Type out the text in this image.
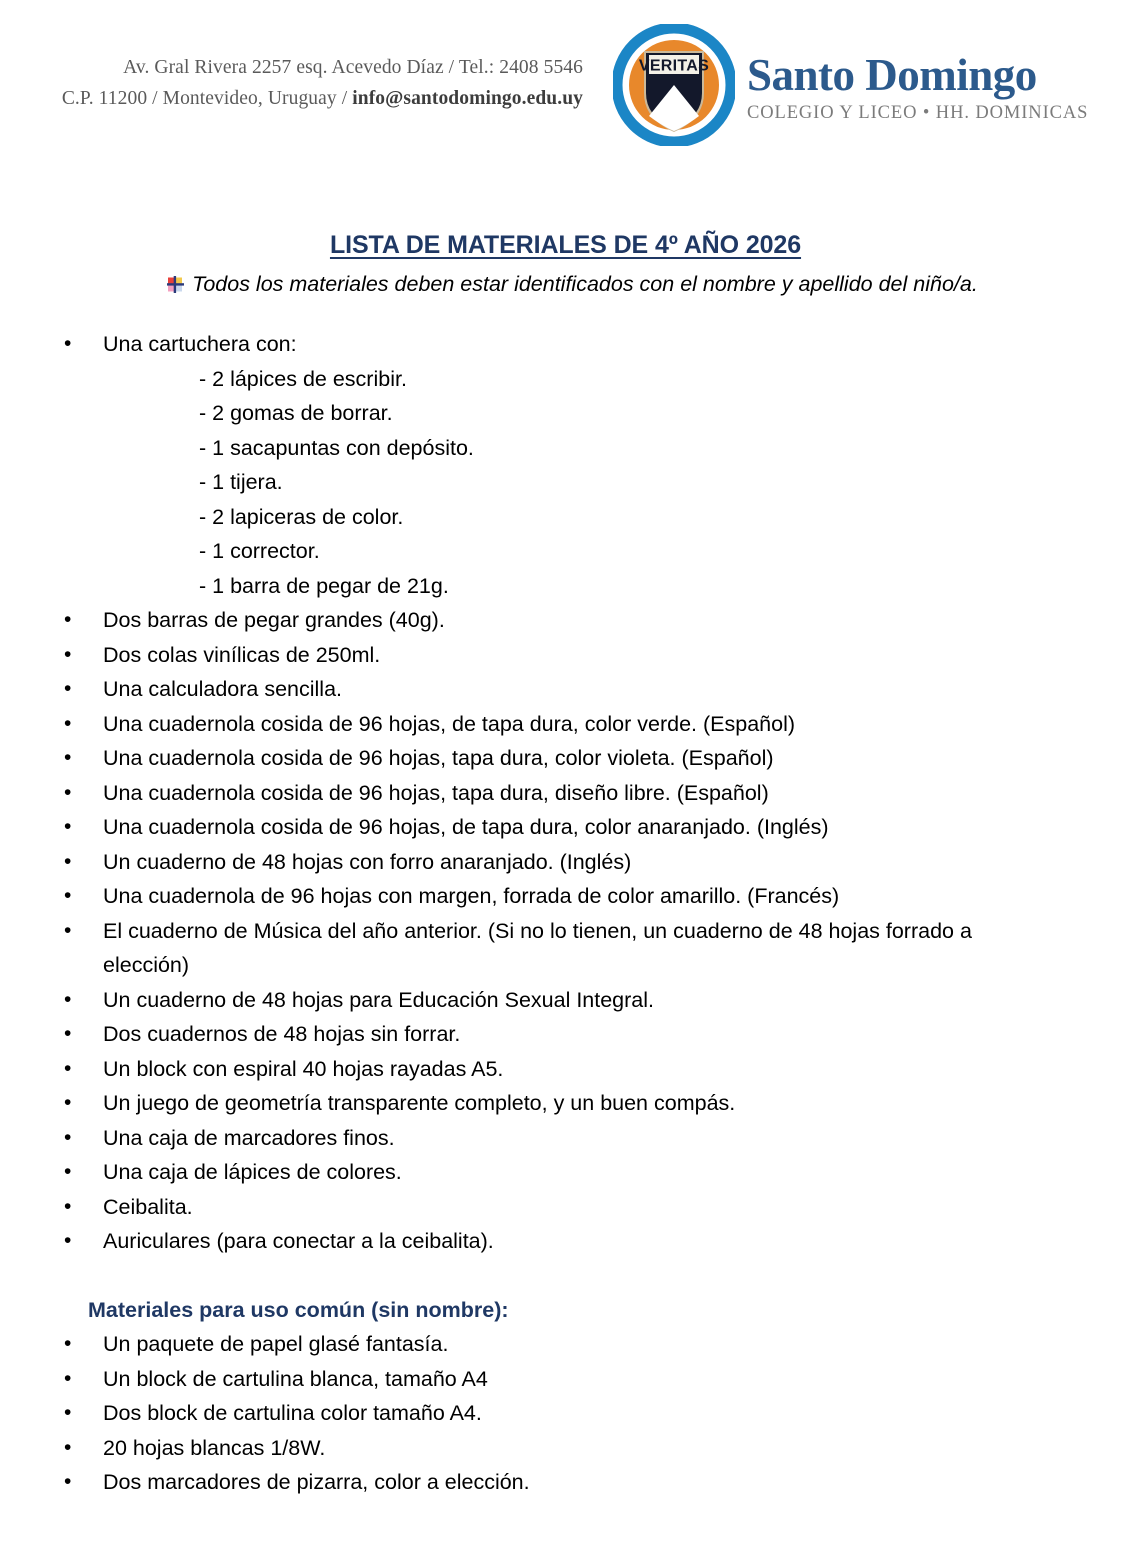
Av. Gral Rivera 2257 esq. Acevedo Díaz / Tel.: 2408 5546
C.P. 11200 / Montevideo, Uruguay / info@santodomingo.edu.uy
VERITAS Santo Domingo
COLEGIO Y LICEO • HH. DOMINICAS
LISTA DE MATERIALES DE 4º AÑO 2026
Todos los materiales deben estar identificados con el nombre y apellido del niño/a.
•	Una cartuchera con:
- 2 lápices de escribir.
- 2 gomas de borrar.
- 1 sacapuntas con depósito.
- 1 tijera.
- 2 lapiceras de color.
- 1 corrector.
- 1 barra de pegar de 21g.
•	Dos barras de pegar grandes (40g).
•	Dos colas vinílicas de 250ml.
•	Una calculadora sencilla.
•	Una cuadernola cosida de 96 hojas, de tapa dura, color verde. (Español)
•	Una cuadernola cosida de 96 hojas, tapa dura, color violeta. (Español)
•	Una cuadernola cosida de 96 hojas, tapa dura, diseño libre. (Español)
•	Una cuadernola cosida de 96 hojas, de tapa dura, color anaranjado. (Inglés)
•	Un cuaderno de 48 hojas con forro anaranjado. (Inglés)
•	Una cuadernola de 96 hojas con margen, forrada de color amarillo. (Francés)
•	El cuaderno de Música del año anterior. (Si no lo tienen, un cuaderno de 48 hojas forrado a elección)
•	Un cuaderno de 48 hojas para Educación Sexual Integral.
•	Dos cuadernos de 48 hojas sin forrar.
•	Un block con espiral 40 hojas rayadas A5.
•	Un juego de geometría transparente completo, y un buen compás.
•	Una caja de marcadores finos.
•	Una caja de lápices de colores.
•	Ceibalita.
•	Auriculares (para conectar a la ceibalita).
Materiales para uso común (sin nombre):
•	Un paquete de papel glasé fantasía.
•	Un block de cartulina blanca, tamaño A4
•	Dos block de cartulina color tamaño A4.
•	20 hojas blancas 1/8W.
•	Dos marcadores de pizarra, color a elección.
